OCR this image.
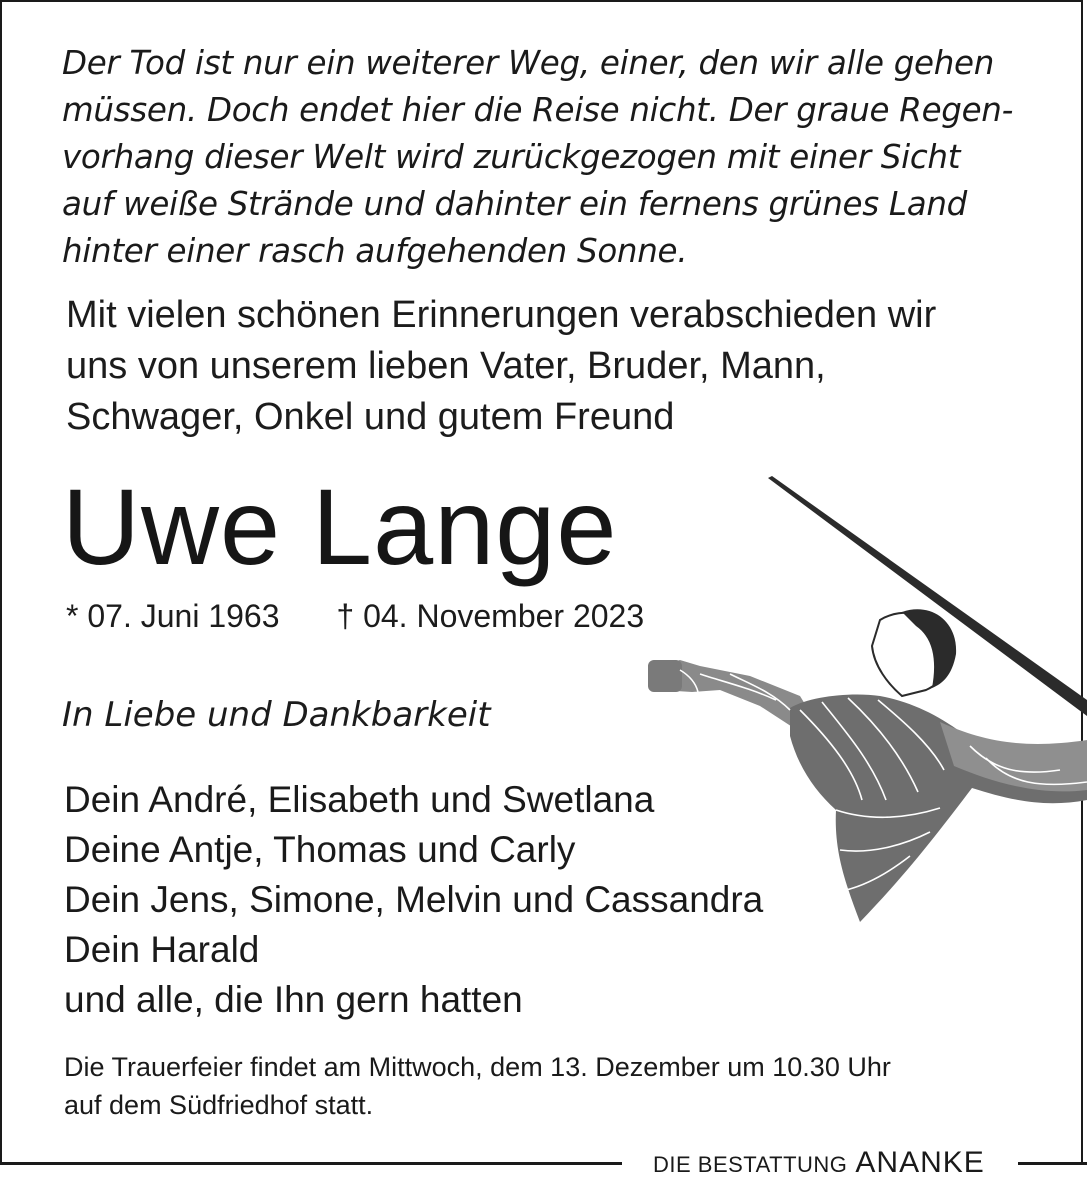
Der Tod ist nur ein weiterer Weg, einer, den wir alle gehen
müssen. Doch endet hier die Reise nicht. Der graue Regen-
vorhang dieser Welt wird zurückgezogen mit einer Sicht
auf weiße Strände und dahinter ein fernens grünes Land
hinter einer rasch aufgehenden Sonne.

Mit vielen schönen Erinnerungen verabschieden wir
uns von unserem lieben Vater, Bruder, Mann,
Schwager, Onkel und gutem Freund

Uwe Lange
* 07. Juni 1963 † 04. November 2023

In Liebe und Dankbarkeit

Dein André, Elisabeth und Swetlana
Deine Antje, Thomas und Carly
Dein Jens, Simone, Melvin und Cassandra
Dein Harald
und alle, die Ihn gern hatten

Die Trauerfeier findet am Mittwoch, dem 13. Dezember um 10.30 Uhr
auf dem Südfriedhof statt.

DIE BESTATTUNG ANANKE
